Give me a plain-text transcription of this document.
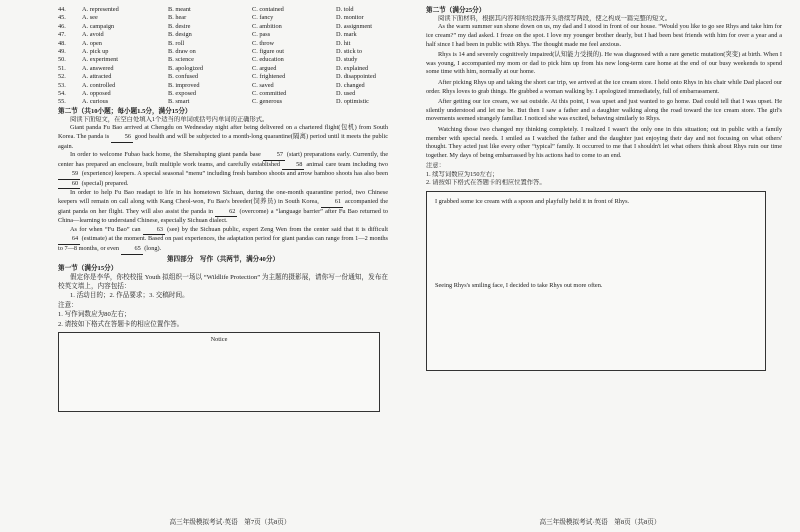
44.	A. represented	B. meant	C. contained	D. told
45.	A. see	B. hear	C. fancy	D. monitor
46.	A. campaign	B. desire	C. ambition	D. assignment
47.	A. avoid	B. design	C. pass	D. mark
48.	A. open	B. roll	C. throw	D. hit
49.	A. pick up	B. draw on	C. figure out	D. stick to
50.	A. experiment	B. science	C. education	D. study
51.	A. answered	B. apologized	C. argued	D. explained
52.	A. attracted	B. confused	C. frightened	D. disappointed
53.	A. controlled	B. improved	C. saved	D. changed
54.	A. opposed	B. exposed	C. committed	D. used
55.	A. curious	B. smart	C. generous	D. optimistic
第二节（共10小题；每小题1.5分，满分15分）
阅读下面短文，在空白处填入1个适当的单词或括号内单词的正确形式。
Giant panda Fu Bao arrived at Chengdu on Wednesday night after being delivered on a chartered flight(包机) from South Korea. The panda is 56 good health and will be subjected to a month-long quarantine(隔离) period until it meets the public again.
In order to welcome Fubao back home, the Shenshuping giant panda base	57 (start) preparations early. Currently, the center has prepared an enclosure, built multiple work teams, and carefully established	58 animal care team including two 59 (experience) keepers. A special seasonal “menu” including fresh bamboo shoots and arrow bamboo shoots has also been 60 (special) prepared.
In order to help Fu Bao readapt to life in his hometown Sichuan, during the one-month quarantine period, two Chinese keepers will remain on call along with Kang Cheol-won, Fu Bao's breeder(饲养员) in South Korea,	61 accompanied the giant panda on her flight. They will also assist the panda in	62 (overcome) a “language barrier” after Fu Bao returned to China—learning to understand Chinese, especially Sichuan dialect.
As for when “Fu Bao” can	63 (see) by the Sichuan public, expert Zeng Wen from the center said that it is difficult 64 (estimate) at the moment. Based on past experiences, the adaptation period for giant pandas can range from 1—2 months to 7—8 months, or even 65 (long).
第四部分　写作（共两节，满分40分）
第一节（满分15分）
假定你是李华，你校校报 Youth 拟组织一场以 “Wildlife Protection” 为主题的摄影展，请你写一份通知，发布在校英文墙上，内容包括：
1. 活动目的；2. 作品要求；3. 交稿时间。
注意：
1. 写作词数应为80左右；
2. 请按如下格式在答题卡的相应位置作答。
Notice
高三年级模拟考试·英语　第7页（共8页）
第二节（满分25分）
阅读下面材料，根据其内容和所给段落开头语续写两段，使之构成一篇完整的短文。
As the warm summer sun shone down on us, my dad and I stood in front of our house. “Would you like to go see Rhys and take him for ice cream?” my dad asked. I froze on the spot. I love my younger brother dearly, but I had been best friends with him for over a year and a half since I had been in public with Rhys. The thought made me feel anxious.
Rhys is 14 and severely cognitively impaired(认知能力受损的). He was diagnosed with a rare genetic mutation(突变) at birth. When I was young, I accompanied my mom or dad to pick him up from his new long-term care home at the end of our busy weekends to spend some time with him, normally at our home.
After picking Rhys up and taking the short car trip, we arrived at the ice cream store. I held onto Rhys in his chair while Dad placed our order. Rhys loves to grab things. He grabbed a woman walking by. I apologized immediately, full of embarrassment.
After getting our ice cream, we sat outside. At this point, I was upset and just wanted to go home. Dad could tell that I was upset. He silently understood and let me be. But then I saw a father and a daughter walking along the road toward the ice cream store. The girl's movements seemed strangely familiar. I noticed she was excited, behaving similarly to Rhys.
Watching those two changed my thinking completely. I realized I wasn't the only one in this situation; out in public with a family member with special needs. I smiled as I watched the father and the daughter just enjoying their day and not focusing on what others' thought. They acted just like every other “typical” family. It occurred to me that I shouldn't let what others think about Rhys ruin our time together. My days of being embarrassed by his actions had to come to an end.
注意：
1. 续写词数应为150左右；
2. 请按如下格式在答题卡的相应位置作答。
I grabbed some ice cream with a spoon and playfully held it in front of Rhys.
Seeing Rhys's smiling face, I decided to take Rhys out more often.
高三年级模拟考试·英语　第8页（共8页）
